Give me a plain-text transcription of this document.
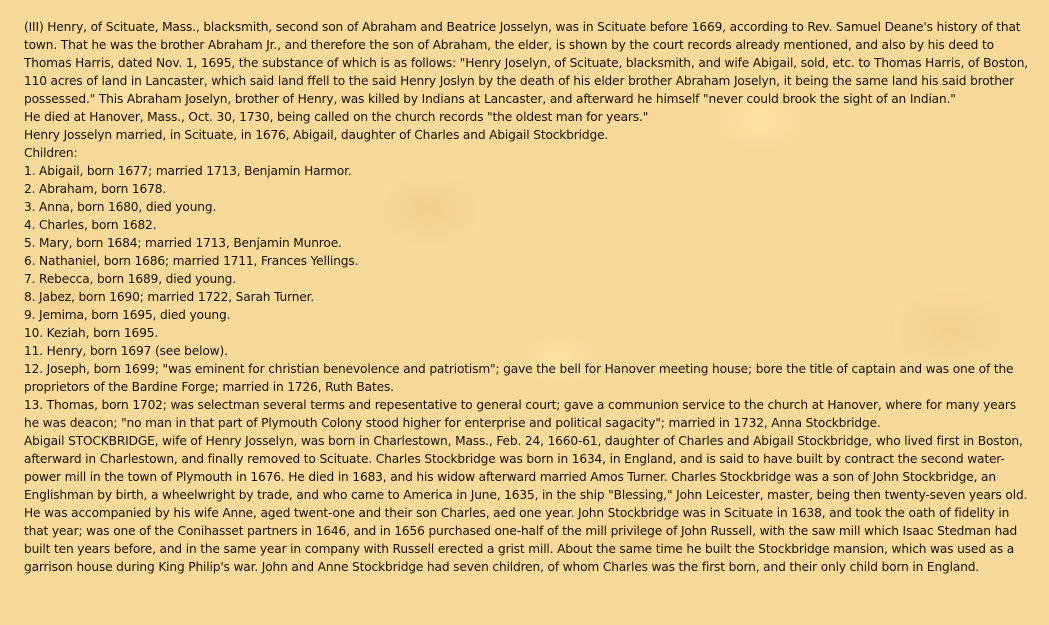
(III) Henry, of Scituate, Mass., blacksmith, second son of Abraham and Beatrice Josselyn, was in Scituate before 1669, according to Rev. Samuel Deane's history of that town. That he was the brother Abraham Jr., and therefore the son of Abraham, the elder, is shown by the court records already mentioned, and also by his deed to Thomas Harris, dated Nov. 1, 1695, the substance of which is as follows: "Henry Joselyn, of Scituate, blacksmith, and wife Abigail, sold, etc. to Thomas Harris, of Boston, 110 acres of land in Lancaster, which said land ffell to the said Henry Joslyn by the death of his elder brother Abraham Joselyn, it being the same land his said brother possessed." This Abraham Joselyn, brother of Henry, was killed by Indians at Lancaster, and afterward he himself "never could brook the sight of an Indian."

He died at Hanover, Mass., Oct. 30, 1730, being called on the church records "the oldest man for years."

Henry Josselyn married, in Scituate, in 1676, Abigail, daughter of Charles and Abigail Stockbridge.

Children:

1. Abigail, born 1677; married 1713, Benjamin Harmor.

2. Abraham, born 1678.

3. Anna, born 1680, died young.

4. Charles, born 1682.

5. Mary, born 1684; married 1713, Benjamin Munroe.

6. Nathaniel, born 1686; married 1711, Frances Yellings.

7. Rebecca, born 1689, died young.

8. Jabez, born 1690; married 1722, Sarah Turner.

9. Jemima, born 1695, died young.

10. Keziah, born 1695.

11. Henry, born 1697 (see below).

12. Joseph, born 1699; "was eminent for christian benevolence and patriotism"; gave the bell for Hanover meeting house; bore the title of captain and was one of the proprietors of the Bardine Forge; married in 1726, Ruth Bates.

13. Thomas, born 1702; was selectman several terms and repesentative to general court; gave a communion service to the church at Hanover, where for many years he was deacon; "no man in that part of Plymouth Colony stood higher for enterprise and political sagacity"; married in 1732, Anna Stockbridge.

Abigail STOCKBRIDGE, wife of Henry Josselyn, was born in Charlestown, Mass., Feb. 24, 1660-61, daughter of Charles and Abigail Stockbridge, who lived first in Boston, afterward in Charlestown, and finally removed to Scituate. Charles Stockbridge was born in 1634, in England, and is said to have built by contract the second water-power mill in the town of Plymouth in 1676. He died in 1683, and his widow afterward married Amos Turner. Charles Stockbridge was a son of John Stockbridge, an Englishman by birth, a wheelwright by trade, and who came to America in June, 1635, in the ship "Blessing," John Leicester, master, being then twenty-seven years old. He was accompanied by his wife Anne, aged twent-one and their son Charles, aed one year. John Stockbridge was in Scituate in 1638, and took the oath of fidelity in that year; was one of the Conihasset partners in 1646, and in 1656 purchased one-half of the mill privilege of John Russell, with the saw mill which Isaac Stedman had built ten years before, and in the same year in company with Russell erected a grist mill. About the same time he built the Stockbridge mansion, which was used as a garrison house during King Philip's war. John and Anne Stockbridge had seven children, of whom Charles was the first born, and their only child born in England.
